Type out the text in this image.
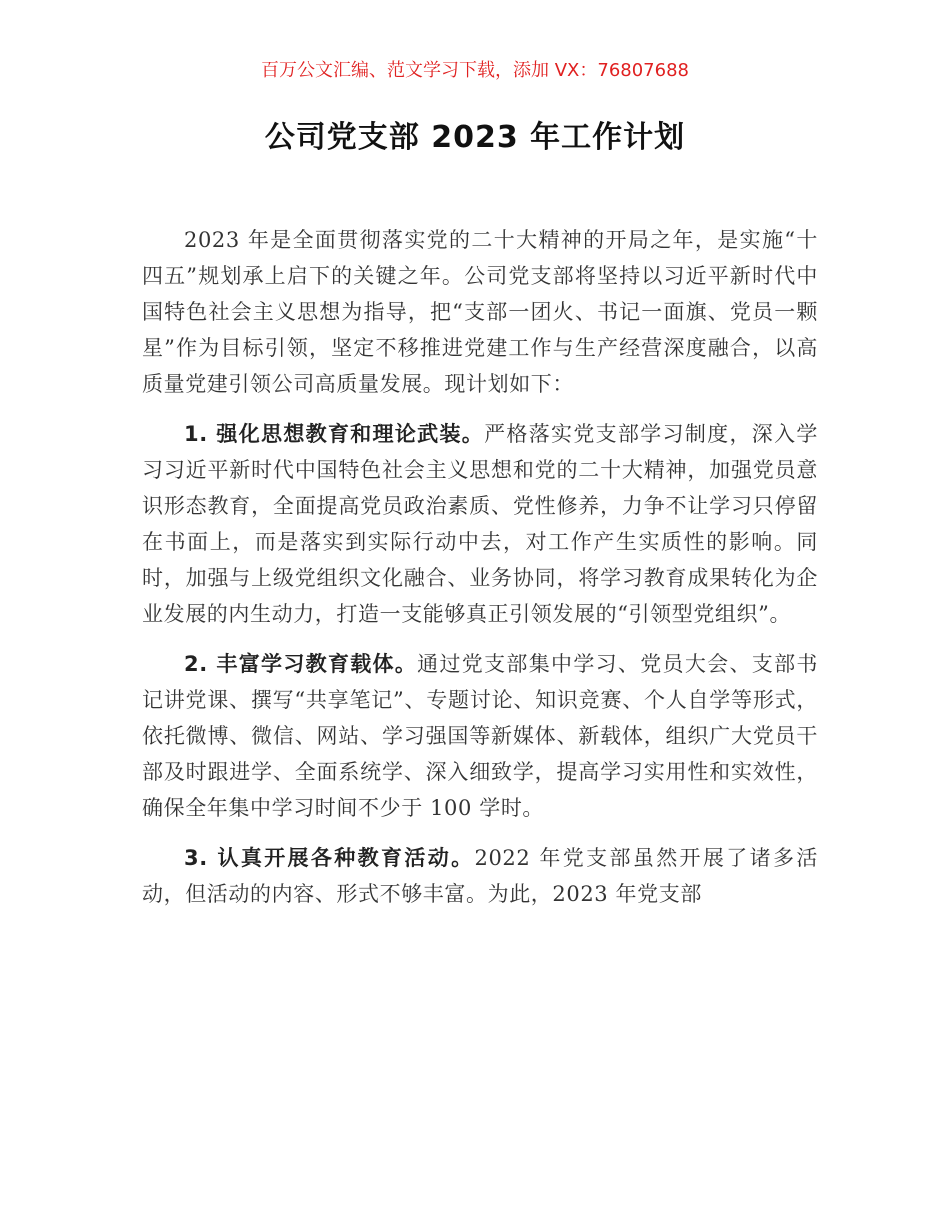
百万公文汇编、范文学习下载，添加 VX：76807688
公司党支部 2023 年工作计划

2023 年是全面贯彻落实党的二十大精神的开局之年，是实施“十四五”规划承上启下的关键之年。公司党支部将坚持以习近平新时代中国特色社会主义思想为指导，把“支部一团火、书记一面旗、党员一颗星”作为目标引领，坚定不移推进党建工作与生产经营深度融合，以高质量党建引领公司高质量发展。现计划如下：

1. 强化思想教育和理论武装。严格落实党支部学习制度，深入学习习近平新时代中国特色社会主义思想和党的二十大精神，加强党员意识形态教育，全面提高党员政治素质、党性修养，力争不让学习只停留在书面上，而是落实到实际行动中去，对工作产生实质性的影响。同时，加强与上级党组织文化融合、业务协同，将学习教育成果转化为企业发展的内生动力，打造一支能够真正引领发展的“引领型党组织”。

2. 丰富学习教育载体。通过党支部集中学习、党员大会、支部书记讲党课、撰写“共享笔记”、专题讨论、知识竞赛、个人自学等形式，依托微博、微信、网站、学习强国等新媒体、新载体，组织广大党员干部及时跟进学、全面系统学、深入细致学，提高学习实用性和实效性，确保全年集中学习时间不少于 100 学时。

3. 认真开展各种教育活动。2022 年党支部虽然开展了诸多活动，但活动的内容、形式不够丰富。为此，2023 年党支部
